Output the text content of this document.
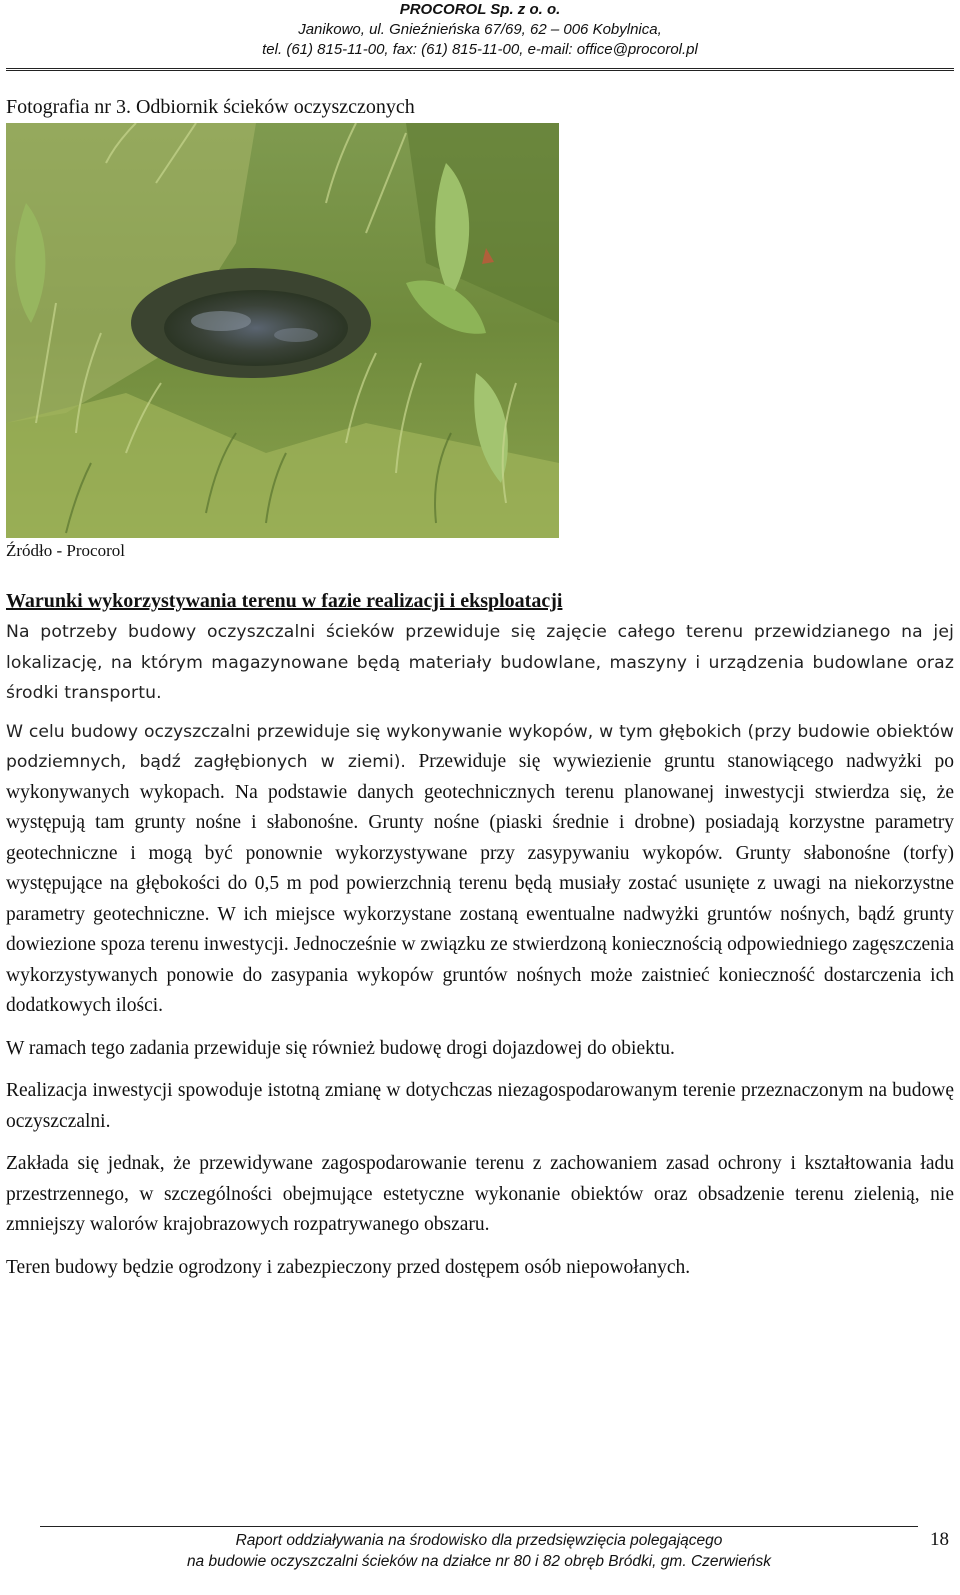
PROCOROL Sp. z o. o.
Janikowo, ul. Gnieźnieńska 67/69, 62 – 006 Kobylnica,
tel. (61) 815-11-00, fax: (61) 815-11-00, e-mail: office@procorol.pl
Fotografia nr 3. Odbiornik ścieków oczyszczonych
Źródło - Procorol
Warunki wykorzystywania terenu w fazie realizacji i eksploatacji

Na potrzeby budowy oczyszczalni ścieków przewiduje się zajęcie całego terenu przewidzianego na jej lokalizację, na którym magazynowane będą materiały budowlane, maszyny i urządzenia budowlane oraz środki transportu.

W celu budowy oczyszczalni przewiduje się wykonywanie wykopów, w tym głębokich (przy budowie obiektów podziemnych, bądź zagłębionych w ziemi). Przewiduje się wywiezienie gruntu stanowiącego nadwyżki po wykonywanych wykopach. Na podstawie danych geotechnicznych terenu planowanej inwestycji stwierdza się, że występują tam grunty nośne i słabonośne. Grunty nośne (piaski średnie i drobne) posiadają korzystne parametry geotechniczne i mogą być ponownie wykorzystywane przy zasypywaniu wykopów. Grunty słabonośne (torfy) występujące na głębokości do 0,5 m pod powierzchnią terenu będą musiały zostać usunięte z uwagi na niekorzystne parametry geotechniczne. W ich miejsce wykorzystane zostaną ewentualne nadwyżki gruntów nośnych, bądź grunty dowiezione spoza terenu inwestycji. Jednocześnie w związku ze stwierdzoną koniecznością odpowiedniego zagęszczenia wykorzystywanych ponowie do zasypania wykopów gruntów nośnych może zaistnieć konieczność dostarczenia ich dodatkowych ilości.

W ramach tego zadania przewiduje się również budowę drogi dojazdowej do obiektu.

Realizacja inwestycji spowoduje istotną zmianę w dotychczas niezagospodarowanym terenie przeznaczonym na budowę oczyszczalni.

Zakłada się jednak, że przewidywane zagospodarowanie terenu z zachowaniem zasad ochrony i kształtowania ładu przestrzennego, w szczególności obejmujące estetyczne wykonanie obiektów oraz obsadzenie terenu zielenią, nie zmniejszy walorów krajobrazowych rozpatrywanego obszaru.

Teren budowy będzie ogrodzony i zabezpieczony przed dostępem osób niepowołanych.

Raport oddziaływania na środowisko dla przedsięwzięcia polegającego
na budowie oczyszczalni ścieków na działce nr 80 i 82 obręb Bródki, gm. Czerwieńsk
18
